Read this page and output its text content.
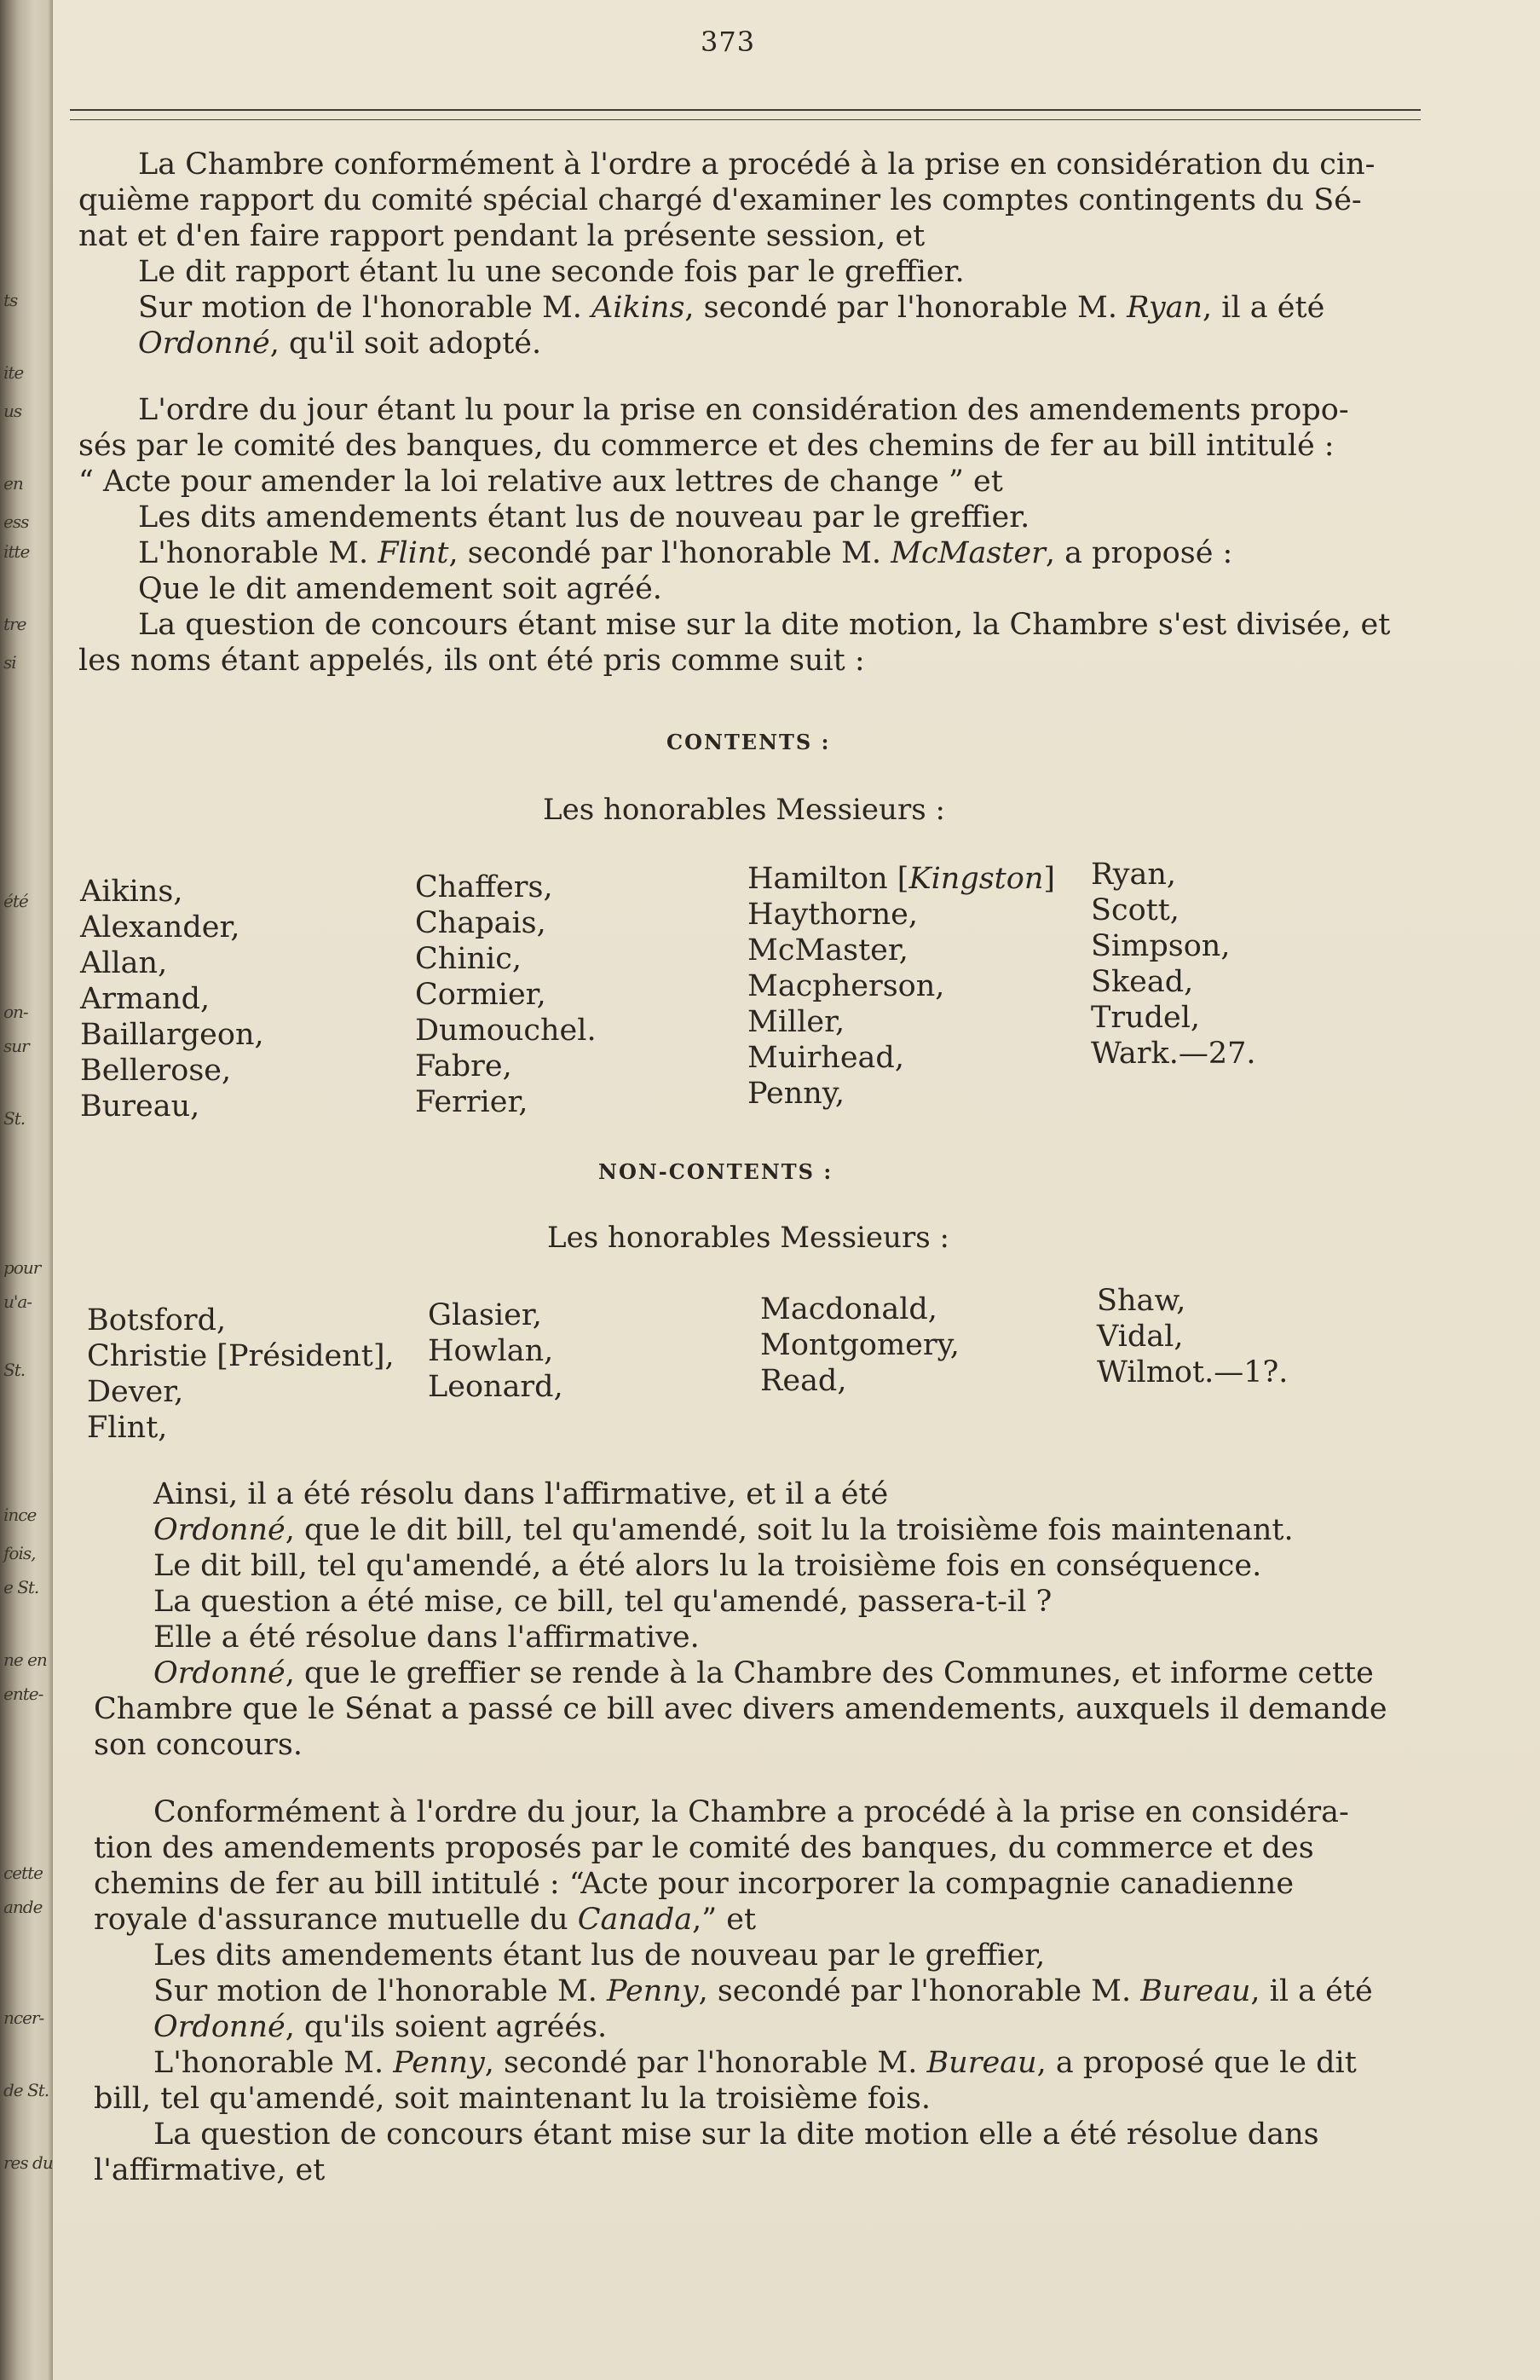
ts
ite
us
en
ess
itte
tre
si
été
on-
sur
St.
pour
u'a-
St.
ince
fois,
e St.
ne en
ente-
cette
ande
ncer-
de St.
res du
373
La Chambre conformément à l'ordre a procédé à la prise en considération du cin-
quième rapport du comité spécial chargé d'examiner les comptes contingents du Sé-
nat et d'en faire rapport pendant la présente session, et
Le dit rapport étant lu une seconde fois par le greffier.
Sur motion de l'honorable M. Aikins, secondé par l'honorable M. Ryan, il a été
Ordonné, qu'il soit adopté.
L'ordre du jour étant lu pour la prise en considération des amendements propo-
sés par le comité des banques, du commerce et des chemins de fer au bill intitulé :
“ Acte pour amender la loi relative aux lettres de change ” et
Les dits amendements étant lus de nouveau par le greffier.
L'honorable M. Flint, secondé par l'honorable M. McMaster, a proposé :
Que le dit amendement soit agréé.
La question de concours étant mise sur la dite motion, la Chambre s'est divisée, et
les noms étant appelés, ils ont été pris comme suit :
CONTENTS :
Les honorables Messieurs :
Aikins,
Alexander,
Allan,
Armand,
Baillargeon,
Bellerose,
Bureau,
Chaffers,
Chapais,
Chinic,
Cormier,
Dumouchel.
Fabre,
Ferrier,
Hamilton [Kingston]
Haythorne,
McMaster,
Macpherson,
Miller,
Muirhead,
Penny,
Ryan,
Scott,
Simpson,
Skead,
Trudel,
Wark.—27.
NON-CONTENTS :
Les honorables Messieurs :
Botsford,
Christie [Président],
Dever,
Flint,
Glasier,
Howlan,
Leonard,
Macdonald,
Montgomery,
Read,
Shaw,
Vidal,
Wilmot.—1?.
Ainsi, il a été résolu dans l'affirmative, et il a été
Ordonné, que le dit bill, tel qu'amendé, soit lu la troisième fois maintenant.
Le dit bill, tel qu'amendé, a été alors lu la troisième fois en conséquence.
La question a été mise, ce bill, tel qu'amendé, passera-t-il ?
Elle a été résolue dans l'affirmative.
Ordonné, que le greffier se rende à la Chambre des Communes, et informe cette
Chambre que le Sénat a passé ce bill avec divers amendements, auxquels il demande
son concours.
Conformément à l'ordre du jour, la Chambre a procédé à la prise en considéra-
tion des amendements proposés par le comité des banques, du commerce et des
chemins de fer au bill intitulé : “Acte pour incorporer la compagnie canadienne
royale d'assurance mutuelle du Canada,” et
Les dits amendements étant lus de nouveau par le greffier,
Sur motion de l'honorable M. Penny, secondé par l'honorable M. Bureau, il a été
Ordonné, qu'ils soient agréés.
L'honorable M. Penny, secondé par l'honorable M. Bureau, a proposé que le dit
bill, tel qu'amendé, soit maintenant lu la troisième fois.
La question de concours étant mise sur la dite motion elle a été résolue dans
l'affirmative, et
